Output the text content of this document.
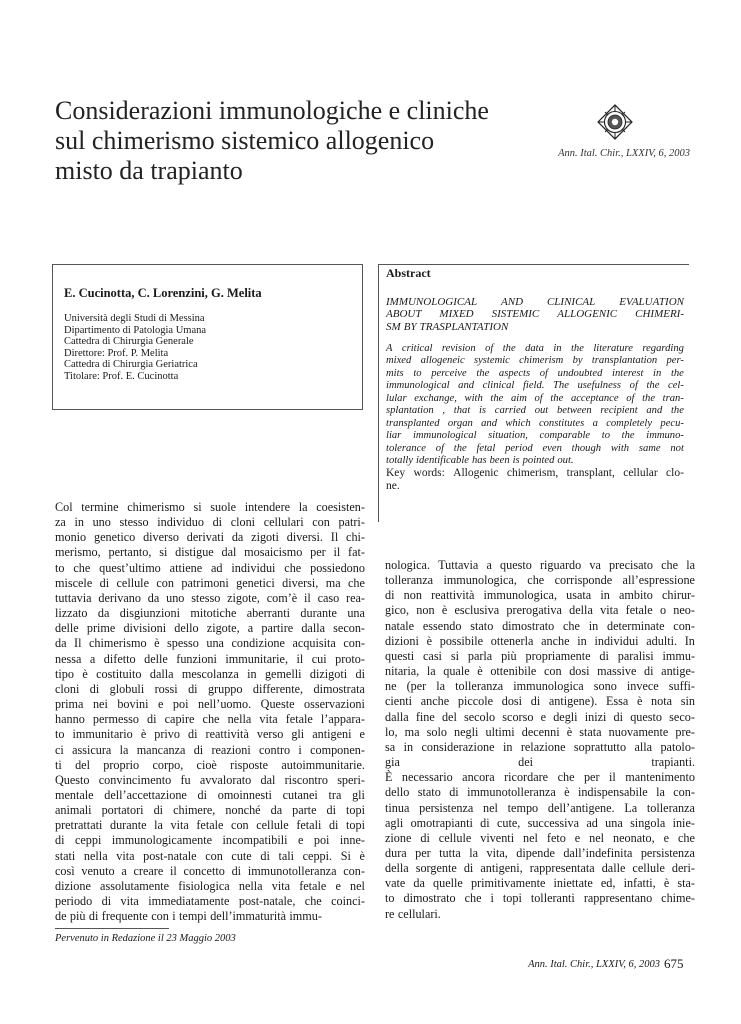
Considerazioni immunologiche e cliniche
sul chimerismo sistemico allogenico
misto da trapianto
Ann. Ital. Chir., LXXIV, 6, 2003
E. Cucinotta, C. Lorenzini, G. Melita
Università degli Studi di Messina
Dipartimento di Patologia Umana
Cattedra di Chirurgia Generale
Direttore: Prof. P. Melita
Cattedra di Chirurgia Geriatrica
Titolare: Prof. E. Cucinotta
Abstract
IMMUNOLOGICAL AND CLINICAL EVALUATION
ABOUT MIXED SISTEMIC ALLOGENIC CHIMERI-
SM BY TRASPLANTATION
A critical revision of the data in the literature regarding
mixed allogeneic systemic chimerism by transplantation per-
mits to perceive the aspects of undoubted interest in the
immunological and clinical field. The usefulness of the cel-
lular exchange, with the aim of the acceptance of the tran-
splantation , that is carried out between recipient and the
transplanted organ and which constitutes a completely pecu-
liar immunological situation, comparable to the immuno-
tolerance of the fetal period even though with same not
totally identificable has been is pointed out.
Key words: Allogenic chimerism, transplant, cellular clo-
ne.
Col termine chimerismo si suole intendere la coesisten-
za in uno stesso individuo di cloni cellulari con patri-
monio genetico diverso derivati da zigoti diversi. Il chi-
merismo, pertanto, si distigue dal mosaicismo per il fat-
to che quest’ultimo attiene ad individui che possiedono
miscele di cellule con patrimoni genetici diversi, ma che
tuttavia derivano da uno stesso zigote, com’è il caso rea-
lizzato da disgiunzioni mitotiche aberranti durante una
delle prime divisioni dello zigote, a partire dalla secon-
da Il chimerismo è spesso una condizione acquisita con-
nessa a difetto delle funzioni immunitarie, il cui proto-
tipo è costituito dalla mescolanza in gemelli dizigoti di
cloni di globuli rossi di gruppo differente, dimostrata
prima nei bovini e poi nell’uomo. Queste osservazioni
hanno permesso di capire che nella vita fetale l’appara-
to immunitario è privo di reattività verso gli antigeni e
ci assicura la mancanza di reazioni contro i componen-
ti del proprio corpo, cioè risposte autoimmunitarie.
Questo convincimento fu avvalorato dal riscontro speri-
mentale dell’accettazione di omoinnesti cutanei tra gli
animali portatori di chimere, nonché da parte di topi
pretrattati durante la vita fetale con cellule fetali di topi
di ceppi immunologicamente incompatibili e poi inne-
stati nella vita post-natale con cute di tali ceppi. Si è
così venuto a creare il concetto di immunotolleranza con-
dizione assolutamente fisiologica nella vita fetale e nel
periodo di vita immediatamente post-natale, che coinci-
de più di frequente con i tempi dell’immaturità immu-
nologica. Tuttavia a questo riguardo va precisato che la
tolleranza immunologica, che corrisponde all’espressione
di non reattività immunologica, usata in ambito chirur-
gico, non è esclusiva prerogativa della vita fetale o neo-
natale essendo stato dimostrato che in determinate con-
dizioni è possibile ottenerla anche in individui adulti. In
questi casi si parla più propriamente di paralisi immu-
nitaria, la quale è ottenibile con dosi massive di antige-
ne (per la tolleranza immunologica sono invece suffi-
cienti anche piccole dosi di antigene). Essa è nota sin
dalla fine del secolo scorso e degli inizi di questo seco-
lo, ma solo negli ultimi decenni è stata nuovamente pre-
sa in considerazione in relazione soprattutto alla patolo-
gia	dei	trapianti.
È necessario ancora ricordare che per il mantenimento
dello stato di immunotolleranza è indispensabile la con-
tinua persistenza nel tempo dell’antigene. La tolleranza
agli omotrapianti di cute, successiva ad una singola inie-
zione di cellule viventi nel feto e nel neonato, e che
dura per tutta la vita, dipende dall’indefinita persistenza
della sorgente di antigeni, rappresentata dalle cellule deri-
vate da quelle primitivamente iniettate ed, infatti, è sta-
to dimostrato che i topi tolleranti rappresentano chime-
re cellulari.
Pervenuto in Redazione il 23 Maggio 2003
Ann. Ital. Chir., LXXIV, 6, 2003 675
